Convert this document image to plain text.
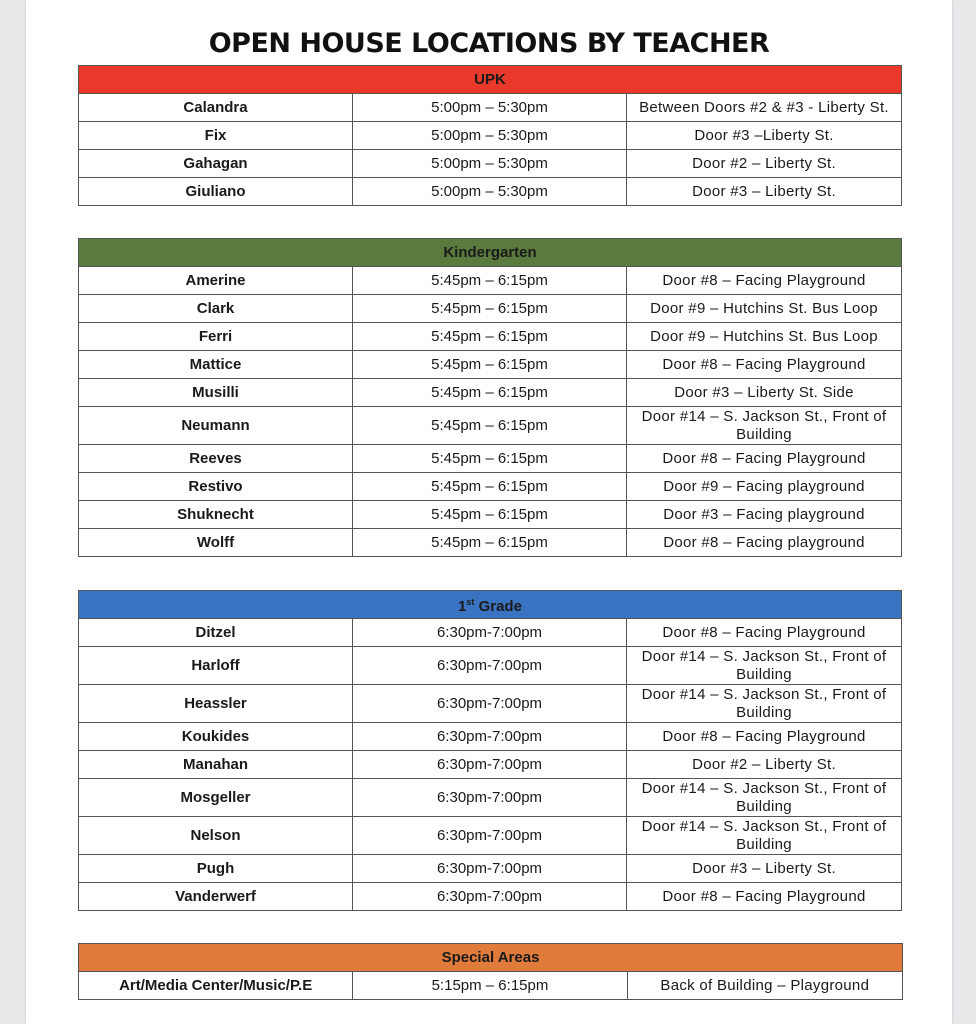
OPEN HOUSE LOCATIONS BY TEACHER
UPK		
Calandra	5:00pm – 5:30pm	Between Doors #2 & #3 - Liberty St.
Fix	5:00pm – 5:30pm	Door #3 –Liberty St.
Gahagan	5:00pm – 5:30pm	Door #2 – Liberty St.
Giuliano	5:00pm – 5:30pm	Door #3 – Liberty St.
Kindergarten		
Amerine	5:45pm – 6:15pm	Door #8 – Facing Playground
Clark	5:45pm – 6:15pm	Door #9 – Hutchins St. Bus Loop
Ferri	5:45pm – 6:15pm	Door #9 – Hutchins St. Bus Loop
Mattice	5:45pm – 6:15pm	Door #8 – Facing Playground
Musilli	5:45pm – 6:15pm	Door #3 – Liberty St. Side
Neumann	5:45pm – 6:15pm	Door #14 – S. Jackson St., Front of Building
Reeves	5:45pm – 6:15pm	Door #8 – Facing Playground
Restivo	5:45pm – 6:15pm	Door #9 – Facing playground
Shuknecht	5:45pm – 6:15pm	Door #3 – Facing playground
Wolff	5:45pm – 6:15pm	Door #8 – Facing playground
1st Grade		
Ditzel	6:30pm-7:00pm	Door #8 – Facing Playground
Harloff	6:30pm-7:00pm	Door #14 – S. Jackson St., Front of Building
Heassler	6:30pm-7:00pm	Door #14 – S. Jackson St., Front of Building
Koukides	6:30pm-7:00pm	Door #8 – Facing Playground
Manahan	6:30pm-7:00pm	Door #2 – Liberty St.
Mosgeller	6:30pm-7:00pm	Door #14 – S. Jackson St., Front of Building
Nelson	6:30pm-7:00pm	Door #14 – S. Jackson St., Front of Building
Pugh	6:30pm-7:00pm	Door #3 – Liberty St.
Vanderwerf	6:30pm-7:00pm	Door #8 – Facing Playground
Special Areas
Art/Media Center/Music/P.E	5:15pm – 6:15pm	Back of Building – Playground
